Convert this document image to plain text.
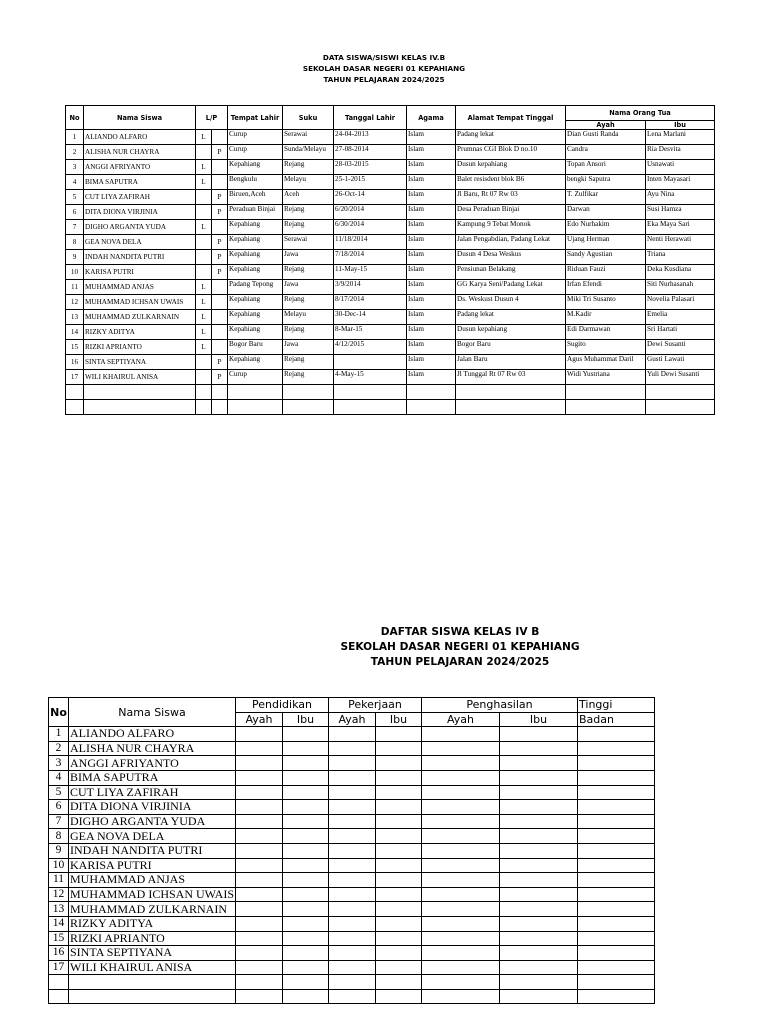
DATA SISWA/SISWI KELAS IV.B
SEKOLAH DASAR NEGERI 01 KEPAHIANG
TAHUN PELAJARAN 2024/2025
No	Nama Siswa	L/P		Tempat Lahir	Suku	Tanggal Lahir	Agama	Alamat Tempat Tinggal	Nama Orang Tua	
									Ayah	Ibu
1	ALIANDO ALFARO	L		Curup	Serawai	24-04-2013	Islam	Padang lekat	Dian Gusti Randa	Lena Marlani
2	ALISHA NUR CHAYRA		P	Curup	Sunda/Melayu	27-08-2014	Islam	Prumnas CGI Blok D no.10	Candra	Ria Desvita
3	ANGGI AFRIYANTO	L		Kepahiang	Rejang	28-03-2015	Islam	Dusun kepahiang	Topan Ansori	Usnawati
4	BIMA SAPUTRA	L		Bengkulu	Melayu	25-1-2015	Islam	Balet resisdent blok B6	bengki Saputra	Inten Mayasari
5	CUT LIYA ZAFIRAH		P	Biruen,Aceh	Aceh	26-Oct-14	Islam	Jl Baru, Rt 07 Rw 03	T. Zulfikar	Ayu Nina
6	DITA DIONA VIRJINIA		P	Peraduan Binjai	Rejang	6/20/2014	Islam	Desa Peraduan Binjai	Darwan	Susi Hamza
7	DIGHO ARGANTA YUDA	L		Kepahiang	Rejang	6/30/2014	Islam	Kampung 9 Tebat Monok	Edo Nurhakim	Eka Maya Sari
8	GEA NOVA DELA		P	Kepahiang	Serawai	11/18/2014	Islam	Jalan Pengabdian, Padang Lekat	Ujang Herman	Nenti Herawati
9	INDAH NANDITA PUTRI		P	Kepahiang	Jawa	7/18/2014	Islam	Dusun 4 Desa Weskus	Sandy Agustian	Triana
10	KARISA PUTRI		P	Kepahiang	Rejang	11-May-15	Islam	Pensiunan Belakang	Riduan Fauzi	Deka Kusdiana
11	MUHAMMAD ANJAS	L		Padang Tepong	Jawa	3/9/2014	Islam	GG Karya Seni/Padang Lekat	Irfan Efendi	Siti Nurhasanah
12	MUHAMMAD ICHSAN UWAIS	L		Kepahiang	Rejang	8/17/2014	Islam	Ds. Weskust Dusun 4	Miki Tri Susanto	Novelia Palasari
13	MUHAMMAD ZULKARNAIN	L		Kepahiang	Melayu	30-Dec-14	Islam	Padang lekat	M.Kadir	Emelia
14	RIZKY ADITYA	L		Kepahiang	Rejang	8-Mar-15	Islam	Dusun kepahiang	Edi Darmawan	Sri Hartati
15	RIZKI APRIANTO	L		Bogor Baru	Jawa	4/12/2015	Islam	Bogor Baru	Sugito	Dewi Susanti
16	SINTA SEPTIYANA		P	Kepahiang	Rejang		Islam	Jalan Baru	Agus Muhammat Daril	Gusti Lawati
17	WILI KHAIRUL ANISA		P	Curup	Rejang	4-May-15	Islam	Jl Tunggal Rt 07 Rw 03	Widi Yustriana	Yuli Dewi Susanti

DAFTAR SISWA KELAS IV B
SEKOLAH DASAR NEGERI 01 KEPAHIANG
TAHUN PELAJARAN 2024/2025
No	Nama Siswa	Pendidikan		Pekerjaan		Penghasilan		Tinggi
		Ayah	Ibu	Ayah	Ibu	Ayah	Ibu	Badan
1	ALIANDO ALFARO							
2	ALISHA NUR CHAYRA							
3	ANGGI AFRIYANTO							
4	BIMA SAPUTRA							
5	CUT LIYA ZAFIRAH							
6	DITA DIONA VIRJINIA							
7	DIGHO ARGANTA YUDA							
8	GEA NOVA DELA							
9	INDAH NANDITA PUTRI							
10	KARISA PUTRI							
11	MUHAMMAD ANJAS							
12	MUHAMMAD ICHSAN UWAIS							
13	MUHAMMAD ZULKARNAIN							
14	RIZKY ADITYA							
15	RIZKI APRIANTO							
16	SINTA SEPTIYANA							
17	WILI KHAIRUL ANISA							
